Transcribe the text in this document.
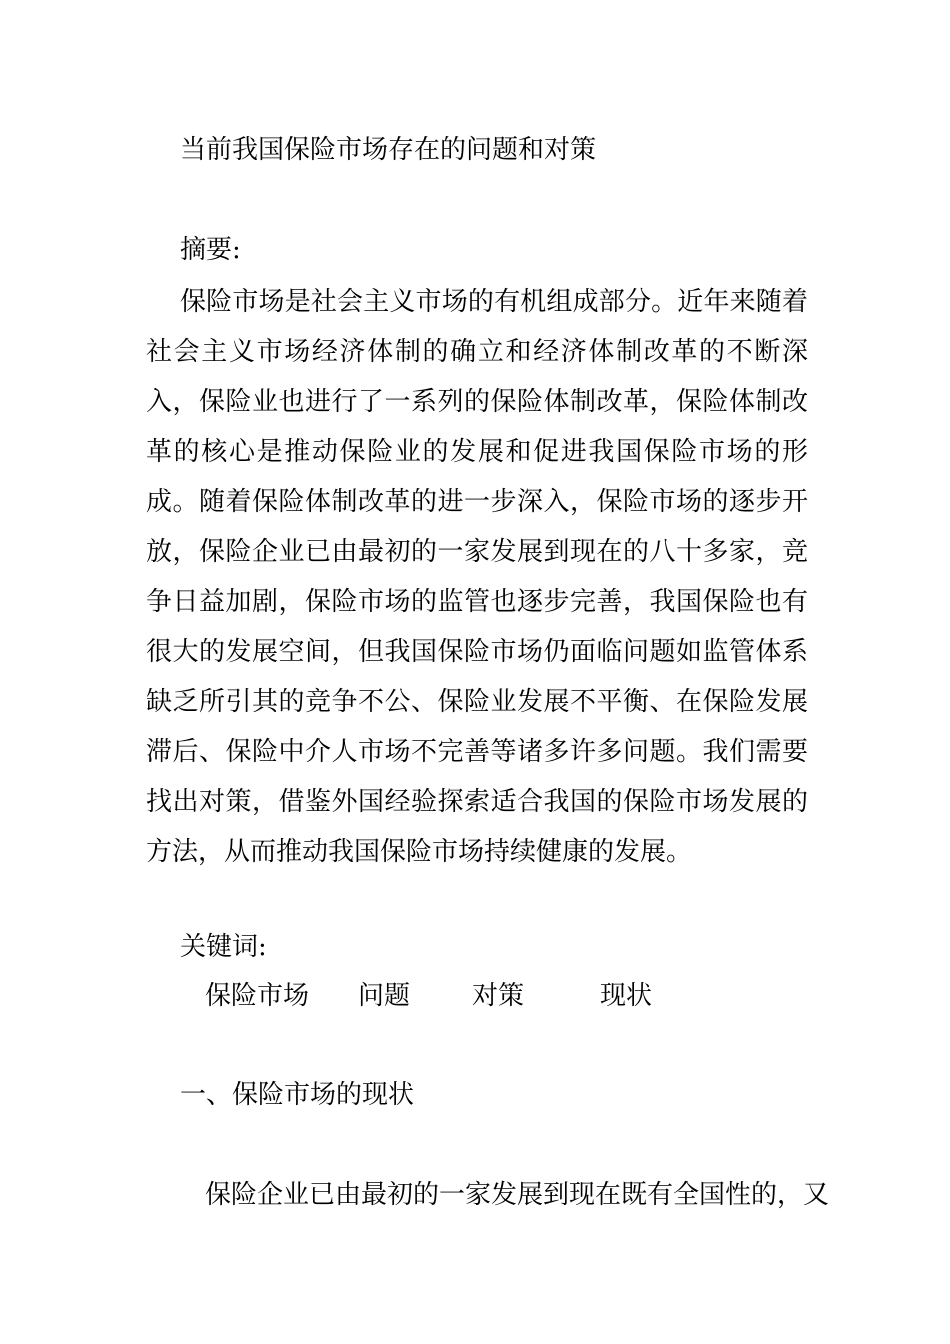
当前我国保险市场存在的问题和对策
摘要:

保险市场是社会主义市场的有机组成部分。近年来随着社会主义市场经济体制的确立和经济体制改革的不断深入，保险业也进行了一系列的保险体制改革，保险体制改革的核心是推动保险业的发展和促进我国保险市场的形成。随着保险体制改革的进一步深入，保险市场的逐步开放，保险企业已由最初的一家发展到现在的八十多家，竞争日益加剧，保险市场的监管也逐步完善，我国保险也有很大的发展空间，但我国保险市场仍面临问题如监管体系缺乏所引其的竞争不公、保险业发展不平衡、在保险发展滞后、保险中介人市场不完善等诸多许多问题。我们需要找出对策，借鉴外国经验探索适合我国的保险市场发展的方法，从而推动我国保险市场持续健康的发展。

关键词:
保险市场 问题 对策	现状
一、保险市场的现状
保险企业已由最初的一家发展到现在既有全国性的，又
